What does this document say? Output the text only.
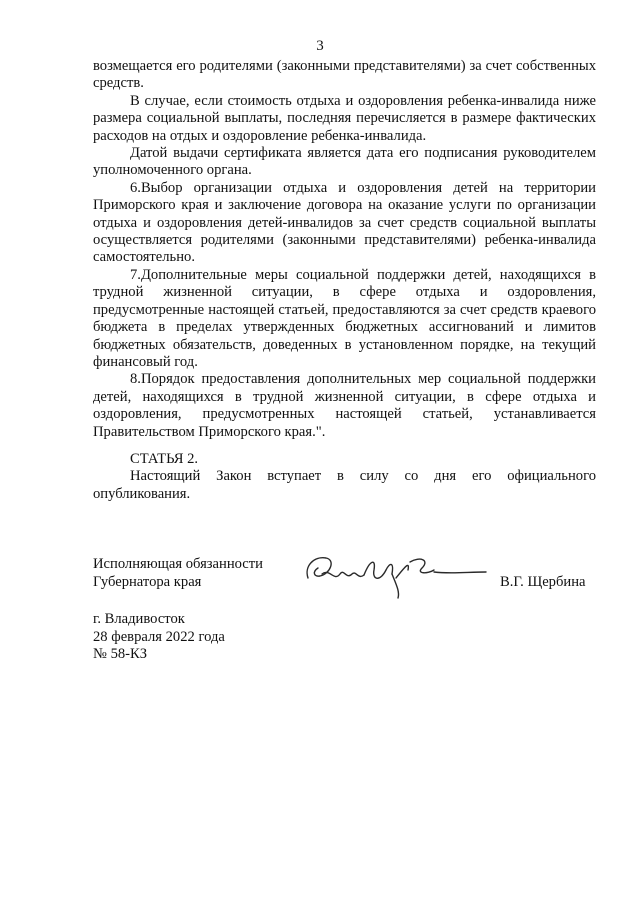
3

возмещается его родителями (законными представителями) за счет собственных средств.

В случае, если стоимость отдыха и оздоровления ребенка-инвалида ниже размера социальной выплаты, последняя перечисляется в размере фактических расходов на отдых и оздоровление ребенка-инвалида.

Датой выдачи сертификата является дата его подписания руководителем уполномоченного органа.

6.Выбор организации отдыха и оздоровления детей на территории Приморского края и заключение договора на оказание услуги по организации отдыха и оздоровления детей-инвалидов за счет средств социальной выплаты осуществляется родителями (законными представителями) ребенка-инвалида самостоятельно.

7.Дополнительные меры социальной поддержки детей, находящихся в трудной жизненной ситуации, в сфере отдыха и оздоровления, предусмотренные настоящей статьей, предоставляются за счет средств краевого бюджета в пределах утвержденных бюджетных ассигнований и лимитов бюджетных обязательств, доведенных в установленном порядке, на текущий финансовый год.

8.Порядок предоставления дополнительных мер социальной поддержки детей, находящихся в трудной жизненной ситуации, в сфере отдыха и оздоровления, предусмотренных настоящей статьей, устанавливается Правительством Приморского края.".

СТАТЬЯ 2.

Настоящий Закон вступает в силу со дня его официального опубликования.

Исполняющая обязанности
Губернатора края	В.Г. Щербина
г. Владивосток
28 февраля 2022 года
№ 58-КЗ
